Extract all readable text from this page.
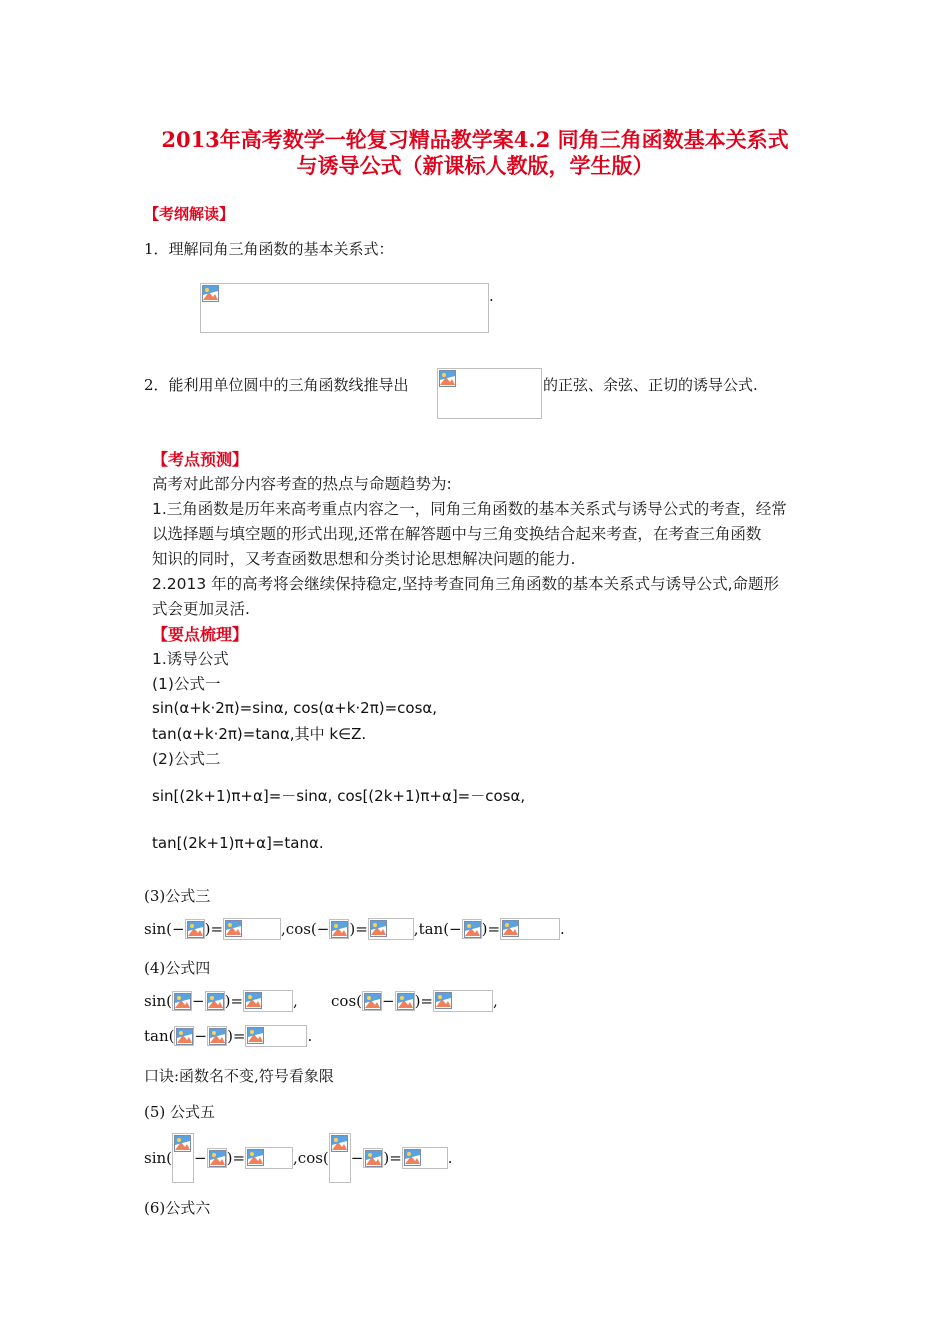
2013年高考数学一轮复习精品教学案4.2 同角三角函数基本关系式
与诱导公式（新课标人教版，学生版）
【考纲解读】
1．理解同角三角函数的基本关系式：
.
2．能利用单位圆中的三角函数线推导出	的正弦、余弦、正切的诱导公式.
【考点预测】
高考对此部分内容考查的热点与命题趋势为:
1.三角函数是历年来高考重点内容之一，同角三角函数的基本关系式与诱导公式的考查，经常
以选择题与填空题的形式出现,还常在解答题中与三角变换结合起来考查，在考查三角函数
知识的同时，又考查函数思想和分类讨论思想解决问题的能力.
2.2013 年的高考将会继续保持稳定,坚持考查同角三角函数的基本关系式与诱导公式,命题形
式会更加灵活.
【要点梳理】
1.诱导公式
(1)公式一
sin(α+k·2π)=sinα, cos(α+k·2π)=cosα,
tan(α+k·2π)=tanα,其中 k∈Z.
(2)公式二
sin[(2k+1)π+α]=－sinα, cos[(2k+1)π+α]=－cosα,
tan[(2k+1)π+α]=tanα.
(3)公式三
sin( − )=	, cos( − )=	, tan( − )=	.
(4)公式四
sin( − )=	,	cos( − )=	,
tan( − )=	.
口诀:函数名不变,符号看象限
(5) 公式五
sin( − )=	, cos( − )=	.
(6)公式六
